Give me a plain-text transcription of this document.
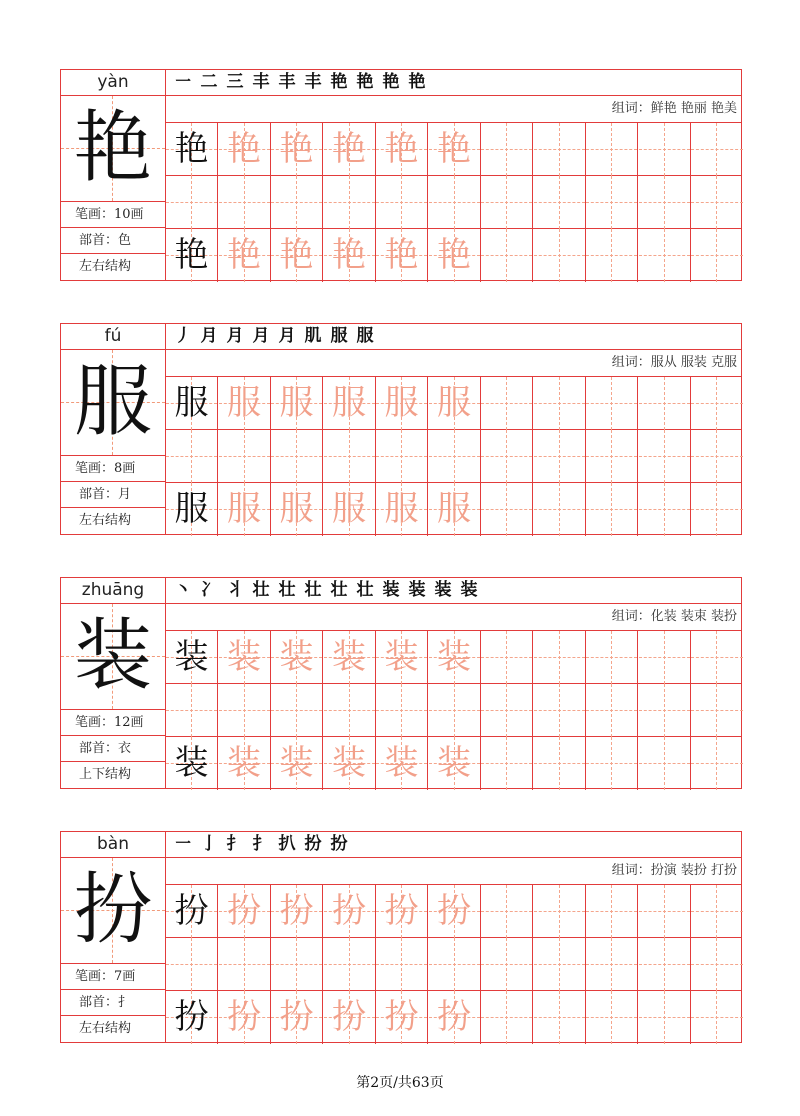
yàn
艳
笔画：10画
部首：色
左右结构
㇐ 二 三 丰 丰 丰 艳 艳 艳 艳
组词：鲜艳 艳丽 艳美
艳 艳 艳 艳 艳 艳
艳 艳 艳 艳 艳 艳
fú
服
笔画：8画
部首：月
左右结构
丿 月 月 月 月 肌 服 服
组词：服从 服装 克服
服 服 服 服 服 服
服 服 服 服 服 服
zhuāng
装
笔画：12画
部首：衣
上下结构
丶 冫 丬 壮 壮 壮 壮 壮 装 装 装 装
组词：化装 装束 装扮
装 装 装 装 装 装
装 装 装 装 装 装
bàn
扮
笔画：7画
部首：扌
左右结构
㇐ 亅 扌 扌 扒 扮 扮
组词：扮演 装扮 打扮
扮 扮 扮 扮 扮 扮
扮 扮 扮 扮 扮 扮
第2页/共63页
